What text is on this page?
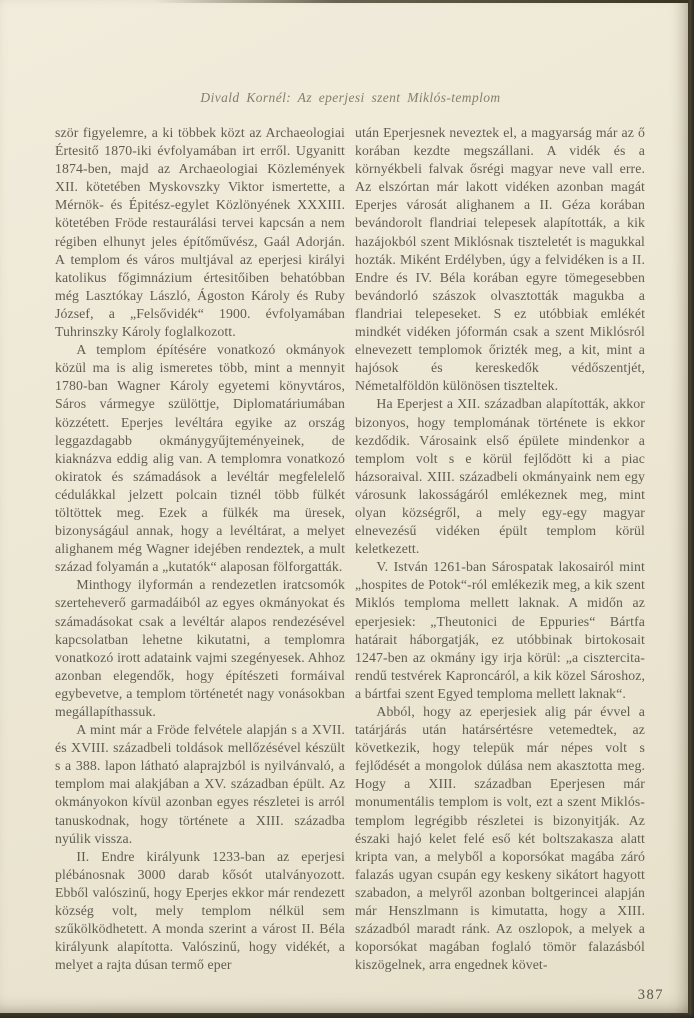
Divald Kornél: Az eperjesi szent Miklós-templom

ször figyelemre, a ki többek közt az Archaeologiai Értesitő 1870-iki évfolyamában irt erről. Ugyanitt 1874-ben, majd az Archaeologiai Közlemények XII. kötetében Myskovszky Viktor ismertette, a Mérnök- és Épitész-egylet Közlönyének XXXIII. kötetében Fröde restaurálási tervei kapcsán a nem régiben elhunyt jeles építőművész, Gaál Adorján. A templom és város multjával az eperjesi királyi katolikus főgimnázium értesitőiben behatóbban még Lasztókay László, Ágoston Károly és Ruby József, a „Felsővidék“ 1900. évfolyamában Tuhrinszky Károly foglalkozott.

A templom építésére vonatkozó okmányok közül ma is alig ismeretes több, mint a mennyit 1780-ban Wagner Károly egyetemi könyvtáros, Sáros vármegye szülöttje, Diplomatáriumában közzétett. Eperjes levéltára egyike az ország leggazdagabb okmánygyűjteményeinek, de kiaknázva eddig alig van. A templomra vonatkozó okiratok és számadások a levéltár megfelelelő cédulákkal jelzett polcain tiznél több fülkét töltöttek meg. Ezek a fülkék ma üresek, bizonyságául annak, hogy a levéltárat, a melyet alighanem még Wagner idejében rendeztek, a mult század folyamán a „kutatók“ alaposan fölforgatták.

Minthogy ilyformán a rendezetlen iratcsomók szerteheverő garmadáiból az egyes okmányokat és számadásokat csak a levéltár alapos rendezésével kapcsolatban lehetne kikutatni, a templomra vonatkozó irott adataink vajmi szegényesek. Ahhoz azonban elegendők, hogy építészeti formáival egybevetve, a templom történetét nagy vonásokban megállapíthassuk.

A mint már a Fröde felvétele alapján s a XVII. és XVIII. századbeli toldások mellőzésével készült s a 388. lapon látható alaprajzból is nyilvánvaló, a templom mai alakjában a XV. században épült. Az okmányokon kívül azonban egyes részletei is arról tanuskodnak, hogy története a XIII. századba nyúlik vissza.

II. Endre királyunk 1233-ban az eperjesi plébánosnak 3000 darab kősót utalványozott. Ebből valószinű, hogy Eperjes ekkor már rendezett község volt, mely templom nélkül sem szűkölködhetett. A monda szerint a várost II. Béla királyunk alapította. Valószinű, hogy vidékét, a melyet a rajta dúsan termő eper

után Eperjesnek neveztek el, a magyarság már az ő korában kezdte megszállani. A vidék és a környékbeli falvak ősrégi magyar neve vall erre. Az elszórtan már lakott vidéken azonban magát Eperjes városát alighanem a II. Géza korában bevándorolt flandriai telepesek alapították, a kik hazájokból szent Miklósnak tiszteletét is magukkal hozták. Miként Erdélyben, úgy a felvidéken is a II. Endre és IV. Béla korában egyre tömegesebben bevándorló szászok olvasztották magukba a flandriai telepeseket. S ez utóbbiak emlékét mindkét vidéken jóformán csak a szent Miklósról elnevezett templomok őrizték meg, a kit, mint a hajósok és kereskedők védőszentjét, Németalföldön különösen tiszteltek.

Ha Eperjest a XII. században alapították, akkor bizonyos, hogy templomának története is ekkor kezdődik. Városaink első épülete mindenkor a templom volt s e körül fejlődött ki a piac házsoraival. XIII. századbeli okmányaink nem egy városunk lakosságáról emlékeznek meg, mint olyan községről, a mely egy-egy magyar elnevezésű vidéken épült templom körül keletkezett.

V. István 1261-ban Sárospatak lakosairól mint „hospites de Potok“-ról emlékezik meg, a kik szent Miklós temploma mellett laknak. A midőn az eperjesiek: „Theutonici de Eppuries“ Bártfa határait háborgatják, ez utóbbinak birtokosait 1247-ben az okmány igy irja körül: „a cisztercita-rendű testvérek Kaproncáról, a kik közel Sároshoz, a bártfai szent Egyed temploma mellett laknak“.

Abból, hogy az eperjesiek alig pár évvel a tatárjárás után határsértésre vetemedtek, az következik, hogy telepük már népes volt s fejlődését a mongolok dúlása nem akasztotta meg. Hogy a XIII. században Eperjesen már monumentális templom is volt, ezt a szent Miklós-templom legrégibb részletei is bizonyitják. Az északi hajó kelet felé eső két boltszakasza alatt kripta van, a melyből a koporsókat magába záró falazás ugyan csupán egy keskeny sikátort hagyott szabadon, a melyről azonban boltgerincei alapján már Henszlmann is kimutatta, hogy a XIII. századból maradt ránk. Az oszlopok, a melyek a koporsókat magában foglaló tömör falazásból kiszögelnek, arra engednek követ-

387
